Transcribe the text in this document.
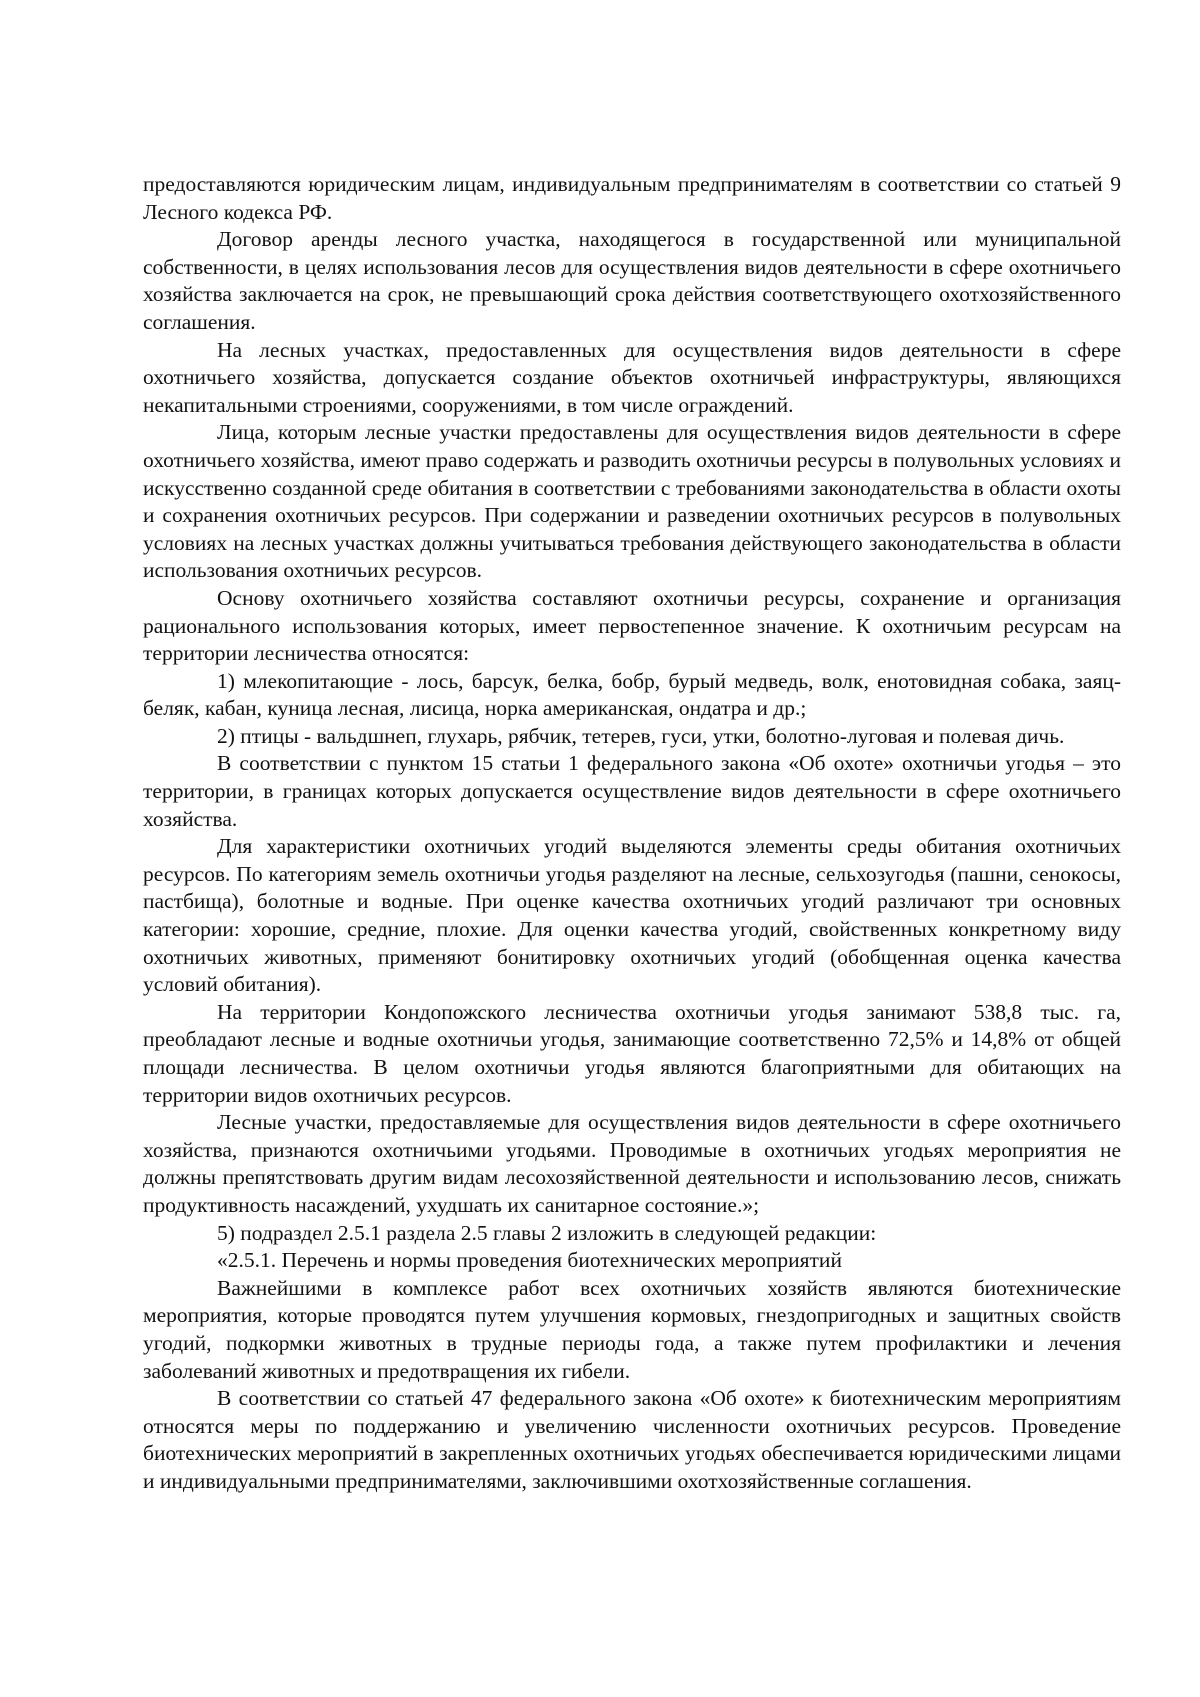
предоставляются юридическим лицам, индивидуальным предпринимателям в соответствии со статьей 9 Лесного кодекса РФ.

Договор аренды лесного участка, находящегося в государственной или муниципальной собственности, в целях использования лесов для осуществления видов деятельности в сфере охотничьего хозяйства заключается на срок, не превышающий срока действия соответствующего охотхозяйственного соглашения.

На лесных участках, предоставленных для осуществления видов деятельности в сфере охотничьего хозяйства, допускается создание объектов охотничьей инфраструктуры, являющихся некапитальными строениями, сооружениями, в том числе ограждений.

Лица, которым лесные участки предоставлены для осуществления видов деятельности в сфере охотничьего хозяйства, имеют право содержать и разводить охотничьи ресурсы в полувольных условиях и искусственно созданной среде обитания в соответствии с требованиями законодательства в области охоты и сохранения охотничьих ресурсов. При содержании и разведении охотничьих ресурсов в полувольных условиях на лесных участках должны учитываться требования действующего законодательства в области использования охотничьих ресурсов.

Основу охотничьего хозяйства составляют охотничьи ресурсы, сохранение и организация рационального использования которых, имеет первостепенное значение. К охотничьим ресурсам на территории лесничества относятся:

1) млекопитающие - лось, барсук, белка, бобр, бурый медведь, волк, енотовидная собака, заяц-беляк, кабан, куница лесная, лисица, норка американская, ондатра и др.;

2) птицы - вальдшнеп, глухарь, рябчик, тетерев, гуси, утки, болотно-луговая и полевая дичь.

В соответствии с пунктом 15 статьи 1 федерального закона «Об охоте» охотничьи угодья – это территории, в границах которых допускается осуществление видов деятельности в сфере охотничьего хозяйства.

Для характеристики охотничьих угодий выделяются элементы среды обитания охотничьих ресурсов. По категориям земель охотничьи угодья разделяют на лесные, сельхозугодья (пашни, сенокосы, пастбища), болотные и водные. При оценке качества охотничьих угодий различают три основных категории: хорошие, средние, плохие. Для оценки качества угодий, свойственных конкретному виду охотничьих животных, применяют бонитировку охотничьих угодий (обобщенная оценка качества условий обитания).

На территории Кондопожского лесничества охотничьи угодья занимают 538,8 тыс. га, преобладают лесные и водные охотничьи угодья, занимающие соответственно 72,5% и 14,8% от общей площади лесничества. В целом охотничьи угодья являются благоприятными для обитающих на территории видов охотничьих ресурсов.

Лесные участки, предоставляемые для осуществления видов деятельности в сфере охотничьего хозяйства, признаются охотничьими угодьями. Проводимые в охотничьих угодьях мероприятия не должны препятствовать другим видам лесохозяйственной деятельности и использованию лесов, снижать продуктивность насаждений, ухудшать их санитарное состояние.»;

5) подраздел 2.5.1 раздела 2.5 главы 2 изложить в следующей редакции:

«2.5.1. Перечень и нормы проведения биотехнических мероприятий

Важнейшими в комплексе работ всех охотничьих хозяйств являются биотехнические мероприятия, которые проводятся путем улучшения кормовых, гнездопригодных и защитных свойств угодий, подкормки животных в трудные периоды года, а также путем профилактики и лечения заболеваний животных и предотвращения их гибели.

В соответствии со статьей 47 федерального закона «Об охоте» к биотехническим мероприятиям относятся меры по поддержанию и увеличению численности охотничьих ресурсов. Проведение биотехнических мероприятий в закрепленных охотничьих угодьях обеспечивается юридическими лицами и индивидуальными предпринимателями, заключившими охотхозяйственные соглашения.
